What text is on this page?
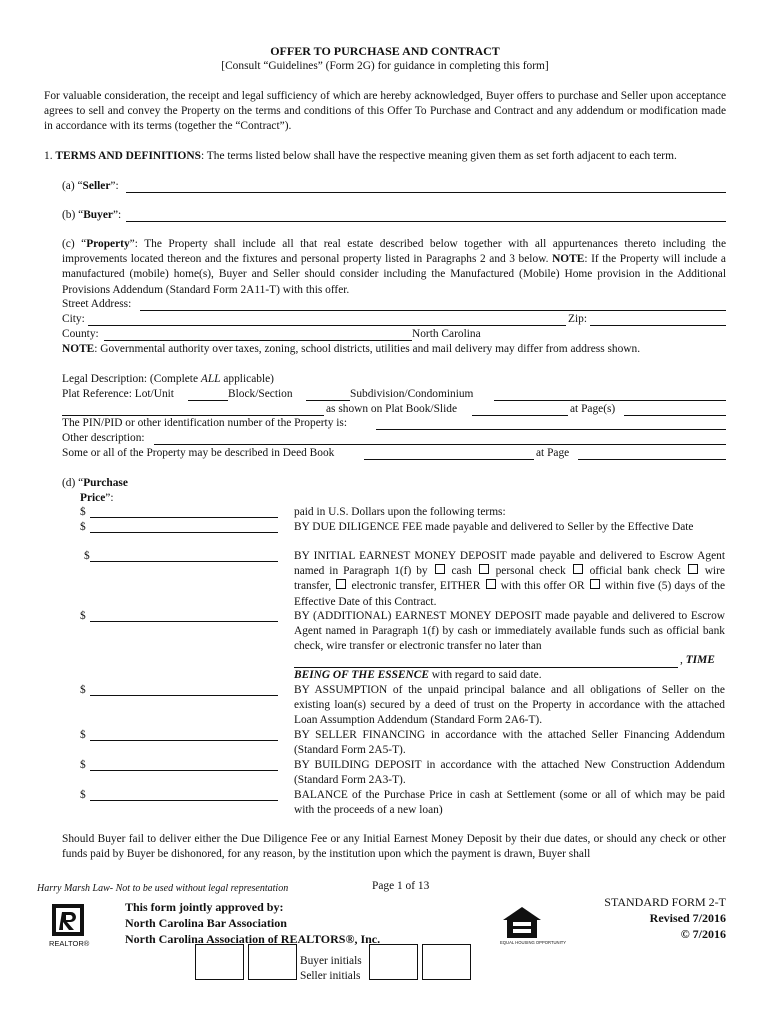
OFFER TO PURCHASE AND CONTRACT
[Consult “Guidelines” (Form 2G) for guidance in completing this form]
For valuable consideration, the receipt and legal sufficiency of which are hereby acknowledged, Buyer offers to purchase and Seller upon acceptance agrees to sell and convey the Property on the terms and conditions of this Offer To Purchase and Contract and any addendum or modification made in accordance with its terms (together the “Contract”).
1. TERMS AND DEFINITIONS: The terms listed below shall have the respective meaning given them as set forth adjacent to each term.
(a) “Seller”:
(b) “Buyer”:
(c) “Property”: The Property shall include all that real estate described below together with all appurtenances thereto including the improvements located thereon and the fixtures and personal property listed in Paragraphs 2 and 3 below. NOTE: If the Property will include a manufactured (mobile) home(s), Buyer and Seller should consider including the Manufactured (Mobile) Home provision in the Additional Provisions Addendum (Standard Form 2A11-T) with this offer.
Street Address:
City:	Zip:
County:	North Carolina
NOTE: Governmental authority over taxes, zoning, school districts, utilities and mail delivery may differ from address shown.
Legal Description: (Complete ALL applicable)
Plat Reference: Lot/Unit	Block/Section	Subdivision/Condominium
as shown on Plat Book/Slide	at Page(s)
The PIN/PID or other identification number of the Property is:
Other description:
Some or all of the Property may be described in Deed Book	at Page
(d) “Purchase
Price”:
$	paid in U.S. Dollars upon the following terms:
$	BY DUE DILIGENCE FEE made payable and delivered to Seller by the Effective Date
$	BY INITIAL EARNEST MONEY DEPOSIT made payable and delivered to Escrow Agent named in Paragraph 1(f) by cash personal check official bank check wire transfer, electronic transfer, EITHER with this offer OR within five (5) days of the Effective Date of this Contract.
$	BY (ADDITIONAL) EARNEST MONEY DEPOSIT made payable and delivered to Escrow Agent named in Paragraph 1(f) by cash or immediately available funds such as official bank check, wire transfer or electronic transfer no later than
, TIME
BEING OF THE ESSENCE with regard to said date.
$	BY ASSUMPTION of the unpaid principal balance and all obligations of Seller on the existing loan(s) secured by a deed of trust on the Property in accordance with the attached Loan Assumption Addendum (Standard Form 2A6-T).
$	BY SELLER FINANCING in accordance with the attached Seller Financing Addendum (Standard Form 2A5-T).
$	BY BUILDING DEPOSIT in accordance with the attached New Construction Addendum (Standard Form 2A3-T).
$	BALANCE of the Purchase Price in cash at Settlement (some or all of which may be paid with the proceeds of a new loan)
Should Buyer fail to deliver either the Due Diligence Fee or any Initial Earnest Money Deposit by their due dates, or should any check or other funds paid by Buyer be dishonored, for any reason, by the institution upon which the payment is drawn, Buyer shall
Harry Marsh Law- Not to be used without legal representation	Page 1 of 13
REALTOR®
This form jointly approved by:
North Carolina Bar Association
North Carolina Association of REALTORS®, Inc.	EQUAL HOUSING OPPORTUNITY
STANDARD FORM 2-T
Revised 7/2016
© 7/2016
Buyer initials
Seller initials
